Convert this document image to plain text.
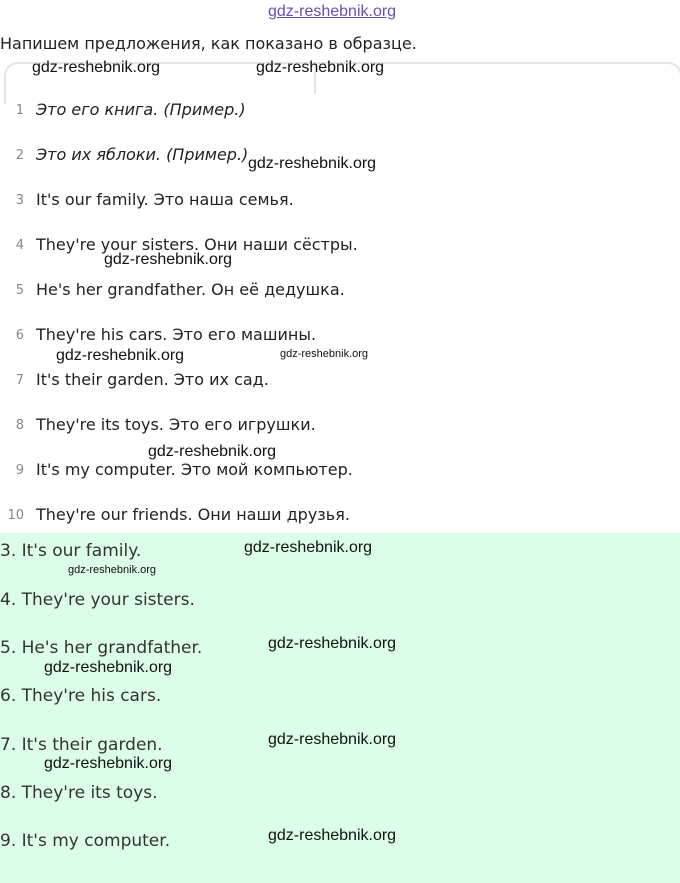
gdz-reshebnik.org
Напишем предложения, как показано в образце.
1 Это его книга. (Пример.)
2 Это их яблоки. (Пример.)
3 It's our family. Это наша семья.
4 They're your sisters. Они наши сёстры.
5 He's her grandfather. Он её дедушка.
6 They're his cars. Это его машины.
7 It's their garden. Это их сад.
8 They're its toys. Это его игрушки.
9 It's my computer. Это мой компьютер.
10 They're our friends. Они наши друзья.
3. It's our family.
4. They're your sisters.
5. He's her grandfather.
6. They're his cars.
7. It's their garden.
8. They're its toys.
9. It's my computer.
gdz-reshebnik.org	gdz-reshebnik.org
gdz-reshebnik.org
gdz-reshebnik.org
gdz-reshebnik.org	gdz-reshebnik.org
gdz-reshebnik.org
gdz-reshebnik.org
gdz-reshebnik.org
gdz-reshebnik.org
gdz-reshebnik.org
gdz-reshebnik.org
gdz-reshebnik.org
gdz-reshebnik.org
